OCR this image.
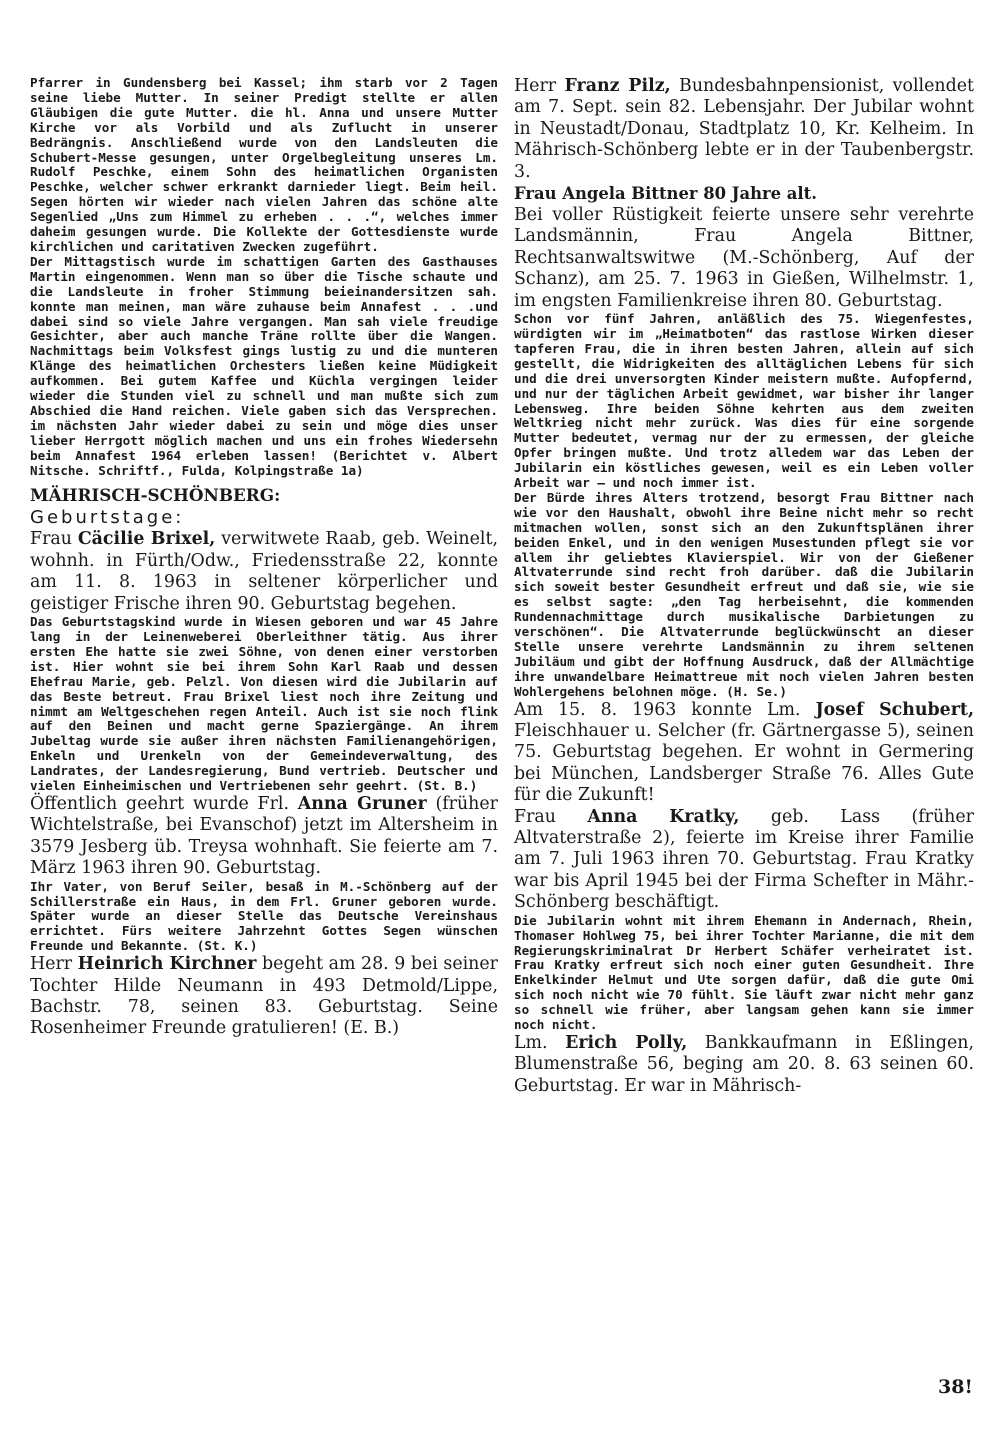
Pfarrer in Gundensberg bei Kassel; ihm starb vor 2 Tagen seine liebe Mutter. In seiner Predigt stellte er allen Gläubigen die gute Mutter. die hl. Anna und unsere Mutter Kirche vor als Vorbild und als Zuflucht in unserer Bedrängnis. Anschließend wurde von den Landsleuten die Schubert-Messe gesungen, unter Orgelbegleitung unseres Lm. Rudolf Peschke, einem Sohn des heimatlichen Organisten Peschke, welcher schwer erkrankt darnieder liegt. Beim heil. Segen hörten wir wieder nach vielen Jahren das schöne alte Segenlied „Uns zum Himmel zu erheben . . .“, welches immer daheim gesungen wurde. Die Kollekte der Gottesdienste wurde kirchlichen und caritativen Zwecken zugeführt.

Der Mittagstisch wurde im schattigen Garten des Gasthauses Martin eingenommen. Wenn man so über die Tische schaute und die Landsleute in froher Stimmung beieinandersitzen sah. konnte man meinen, man wäre zuhause beim Annafest . . .und dabei sind so viele Jahre vergangen. Man sah viele freudige Gesichter, aber auch manche Träne rollte über die Wangen. Nachmittags beim Volksfest gings lustig zu und die munteren Klänge des heimatlichen Orchesters ließen keine Müdigkeit aufkommen. Bei gutem Kaffee und Küchla vergingen leider wieder die Stunden viel zu schnell und man mußte sich zum Abschied die Hand reichen. Viele gaben sich das Versprechen. im nächsten Jahr wieder dabei zu sein und möge dies unser lieber Herrgott möglich machen und uns ein frohes Wiedersehn beim Annafest 1964 erleben lassen! (Berichtet v. Albert Nitsche. Schriftf., Fulda, Kolpingstraße 1a)

MÄHRISCH-SCHÖNBERG:
Geburtstage:

Frau Cäcilie Brixel, verwitwete Raab, geb. Weinelt, wohnh. in Fürth/Odw., Friedensstraße 22, konnte am 11. 8. 1963 in seltener körperlicher und geistiger Frische ihren 90. Geburtstag begehen.

Das Geburtstagskind wurde in Wiesen geboren und war 45 Jahre lang in der Leinenweberei Oberleithner tätig. Aus ihrer ersten Ehe hatte sie zwei Söhne, von denen einer verstorben ist. Hier wohnt sie bei ihrem Sohn Karl Raab und dessen Ehefrau Marie, geb. Pelzl. Von diesen wird die Jubilarin auf das Beste betreut. Frau Brixel liest noch ihre Zeitung und nimmt am Weltgeschehen regen Anteil. Auch ist sie noch flink auf den Beinen und macht gerne Spaziergänge. An ihrem Jubeltag wurde sie außer ihren nächsten Familienangehörigen, Enkeln und Urenkeln von der Gemeindeverwaltung, des Landrates, der Landesregierung, Bund vertrieb. Deutscher und vielen Einheimischen und Vertriebenen sehr geehrt. (St. B.)

Öffentlich geehrt wurde Frl. Anna Gruner (früher Wichtelstraße, bei Evanschof) jetzt im Altersheim in 3579 Jesberg üb. Treysa wohnhaft. Sie feierte am 7. März 1963 ihren 90. Geburtstag.

Ihr Vater, von Beruf Seiler, besaß in M.-Schönberg auf der Schillerstraße ein Haus, in dem Frl. Gruner geboren wurde. Später wurde an dieser Stelle das Deutsche Vereinshaus errichtet. Fürs weitere Jahrzehnt Gottes Segen wünschen Freunde und Bekannte. (St. K.)

Herr Heinrich Kirchner begeht am 28. 9 bei seiner Tochter Hilde Neumann in 493 Detmold/Lippe, Bachstr. 78, seinen 83. Geburtstag. Seine Rosenheimer Freunde gratulieren! (E. B.)

Herr Franz Pilz, Bundesbahnpensionist, vollendet am 7. Sept. sein 82. Lebensjahr. Der Jubilar wohnt in Neustadt/Donau, Stadtplatz 10, Kr. Kelheim. In Mährisch-Schönberg lebte er in der Taubenbergstr. 3.

Frau Angela Bittner 80 Jahre alt.

Bei voller Rüstigkeit feierte unsere sehr verehrte Landsmännin, Frau Angela Bittner, Rechtsanwaltswitwe (M.-Schönberg, Auf der Schanz), am 25. 7. 1963 in Gießen, Wilhelmstr. 1, im engsten Familienkreise ihren 80. Geburtstag.

Schon vor fünf Jahren, anläßlich des 75. Wiegenfestes, würdigten wir im „Heimatboten“ das rastlose Wirken dieser tapferen Frau, die in ihren besten Jahren, allein auf sich gestellt, die Widrigkeiten des alltäglichen Lebens für sich und die drei unversorgten Kinder meistern mußte. Aufopfernd, und nur der täglichen Arbeit gewidmet, war bisher ihr langer Lebensweg. Ihre beiden Söhne kehrten aus dem zweiten Weltkrieg nicht mehr zurück. Was dies für eine sorgende Mutter bedeutet, vermag nur der zu ermessen, der gleiche Opfer bringen mußte. Und trotz alledem war das Leben der Jubilarin ein köstliches gewesen, weil es ein Leben voller Arbeit war — und noch immer ist.

Der Bürde ihres Alters trotzend, besorgt Frau Bittner nach wie vor den Haushalt, obwohl ihre Beine nicht mehr so recht mitmachen wollen, sonst sich an den Zukunftsplänen ihrer beiden Enkel, und in den wenigen Musestunden pflegt sie vor allem ihr geliebtes Klavierspiel. Wir von der Gießener Altvaterrunde sind recht froh darüber. daß die Jubilarin sich soweit bester Gesundheit erfreut und daß sie, wie sie es selbst sagte: „den Tag herbeisehnt, die kommenden Rundennachmittage durch musikalische Darbietungen zu verschönen“. Die Altvaterrunde beglückwünscht an dieser Stelle unsere verehrte Landsmännin zu ihrem seltenen Jubiläum und gibt der Hoffnung Ausdruck, daß der Allmächtige ihre unwandelbare Heimattreue mit noch vielen Jahren besten Wohlergehens belohnen möge. (H. Se.)

Am 15. 8. 1963 konnte Lm. Josef Schubert, Fleischhauer u. Selcher (fr. Gärtnergasse 5), seinen 75. Geburtstag begehen. Er wohnt in Germering bei München, Landsberger Straße 76. Alles Gute für die Zukunft!

Frau Anna Kratky, geb. Lass (früher Altvaterstraße 2), feierte im Kreise ihrer Familie am 7. Juli 1963 ihren 70. Geburtstag. Frau Kratky war bis April 1945 bei der Firma Schefter in Mähr.-Schönberg beschäftigt.

Die Jubilarin wohnt mit ihrem Ehemann in Andernach, Rhein, Thomaser Hohlweg 75, bei ihrer Tochter Marianne, die mit dem Regierungskriminalrat Dr Herbert Schäfer verheiratet ist. Frau Kratky erfreut sich noch einer guten Gesundheit. Ihre Enkelkinder Helmut und Ute sorgen dafür, daß die gute Omi sich noch nicht wie 70 fühlt. Sie läuft zwar nicht mehr ganz so schnell wie früher, aber langsam gehen kann sie immer noch nicht.

Lm. Erich Polly, Bankkaufmann in Eßlingen, Blumenstraße 56, beging am 20. 8. 63 seinen 60. Geburtstag. Er war in Mährisch-

38!
